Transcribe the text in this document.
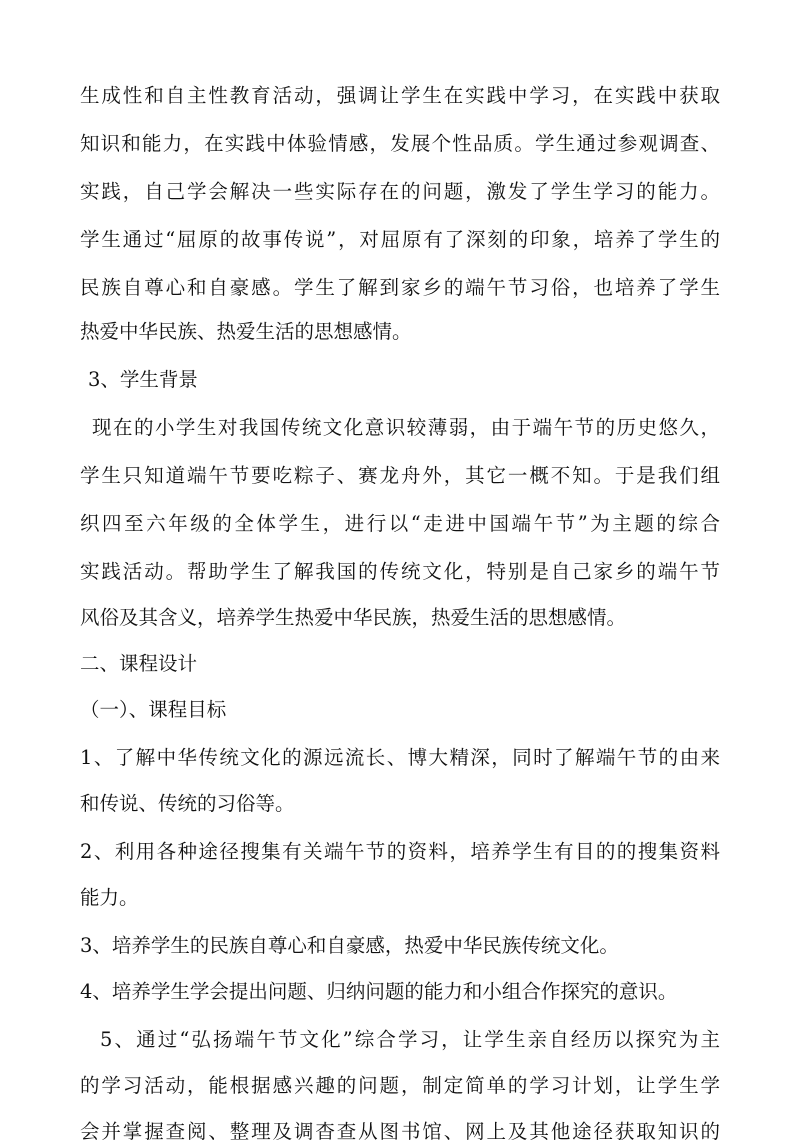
生成性和自主性教育活动，强调让学生在实践中学习，在实践中获取
知识和能力，在实践中体验情感，发展个性品质。学生通过参观调查、
实践，自己学会解决一些实际存在的问题，激发了学生学习的能力。
学生通过“屈原的故事传说”，对屈原有了深刻的印象，培养了学生的
民族自尊心和自豪感。学生了解到家乡的端午节习俗，也培养了学生
热爱中华民族、热爱生活的思想感情。
3、学生背景
现在的小学生对我国传统文化意识较薄弱，由于端午节的历史悠久，
学生只知道端午节要吃粽子、赛龙舟外，其它一概不知。于是我们组
织四至六年级的全体学生，进行以“走进中国端午节”为主题的综合
实践活动。帮助学生了解我国的传统文化，特别是自己家乡的端午节
风俗及其含义，培养学生热爱中华民族，热爱生活的思想感情。
二、课程设计
（一）、课程目标
1、了解中华传统文化的源远流长、博大精深，同时了解端午节的由来
和传说、传统的习俗等。
2、利用各种途径搜集有关端午节的资料，培养学生有目的的搜集资料
能力。
3、培养学生的民族自尊心和自豪感，热爱中华民族传统文化。
4、培养学生学会提出问题、归纳问题的能力和小组合作探究的意识。
5、通过“弘扬端午节文化”综合学习，让学生亲自经历以探究为主
的学习活动，能根据感兴趣的问题，制定简单的学习计划，让学生学
会并掌握查阅、整理及调杳查从图书馆、网上及其他途径获取知识的
